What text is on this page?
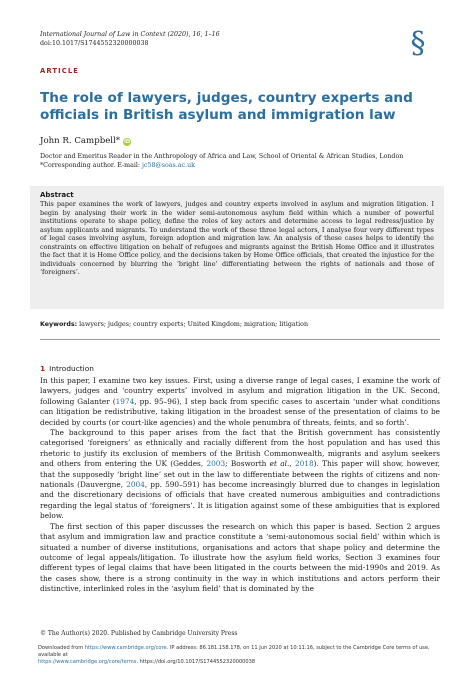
International Journal of Law in Context (2020), 16, 1–16
doi:10.1017/S1744552320000038	§
ARTICLE
The role of lawyers, judges, country experts and officials in British asylum and immigration law
John R. Campbell* iD
Doctor and Emeritus Reader in the Anthropology of Africa and Law, School of Oriental & African Studies, London
*Corresponding author. E-mail: jc58@soas.ac.uk
Abstract

This paper examines the work of lawyers, judges and country experts involved in asylum and migration litigation. I begin by analysing their work in the wider semi-autonomous asylum field within which a number of powerful institutions operate to shape policy, define the roles of key actors and determine access to legal redress/justice by asylum applicants and migrants. To understand the work of these three legal actors, I analyse four very different types of legal cases involving asylum, foreign adoption and migration law. An analysis of these cases helps to identify the constraints on effective litigation on behalf of refugees and migrants against the British Home Office and it illustrates the fact that it is Home Office policy, and the decisions taken by Home Office officials, that created the injustice for the individuals concerned by blurring the ‘bright line’ differentiating between the rights of nationals and those of ‘foreigners’.

Keywords: lawyers; judges; country experts; United Kingdom; migration; litigation
1 Introduction

In this paper, I examine two key issues. First, using a diverse range of legal cases, I examine the work of lawyers, judges and ‘country experts’ involved in asylum and migration litigation in the UK. Second, following Galanter (1974, pp. 95–96), I step back from specific cases to ascertain ‘under what conditions can litigation be redistributive, taking litigation in the broadest sense of the presentation of claims to be decided by courts (or court-like agencies) and the whole penumbra of threats, feints, and so forth’.

The background to this paper arises from the fact that the British government has consistently categorised ‘foreigners’ as ethnically and racially different from the host population and has used this rhetoric to justify its exclusion of members of the British Commonwealth, migrants and asylum seekers and others from entering the UK (Geddes, 2003; Bosworth et al., 2018). This paper will show, however, that the supposedly ‘bright line’ set out in the law to differentiate between the rights of citizens and non-nationals (Dauvergne, 2004, pp. 590–591) has become increasingly blurred due to changes in legislation and the discretionary decisions of officials that have created numerous ambiguities and contradictions regarding the legal status of ‘foreigners’. It is litigation against some of these ambiguities that is explored below.

The first section of this paper discusses the research on which this paper is based. Section 2 argues that asylum and immigration law and practice constitute a ‘semi-autonomous social field’ within which is situated a number of diverse institutions, organisations and actors that shape policy and determine the outcome of legal appeals/litigation. To illustrate how the asylum field works, Section 3 examines four different types of legal claims that have been litigated in the courts between the mid-1990s and 2019. As the cases show, there is a strong continuity in the way in which institutions and actors perform their distinctive, interlinked roles in the ‘asylum field’ that is dominated by the

© The Author(s) 2020. Published by Cambridge University Press
Downloaded from https://www.cambridge.org/core. IP address: 86.181.158.178, on 11 Jun 2020 at 10:11:16, subject to the Cambridge Core terms of use, available at
https://www.cambridge.org/core/terms. https://doi.org/10.1017/S1744552320000038
